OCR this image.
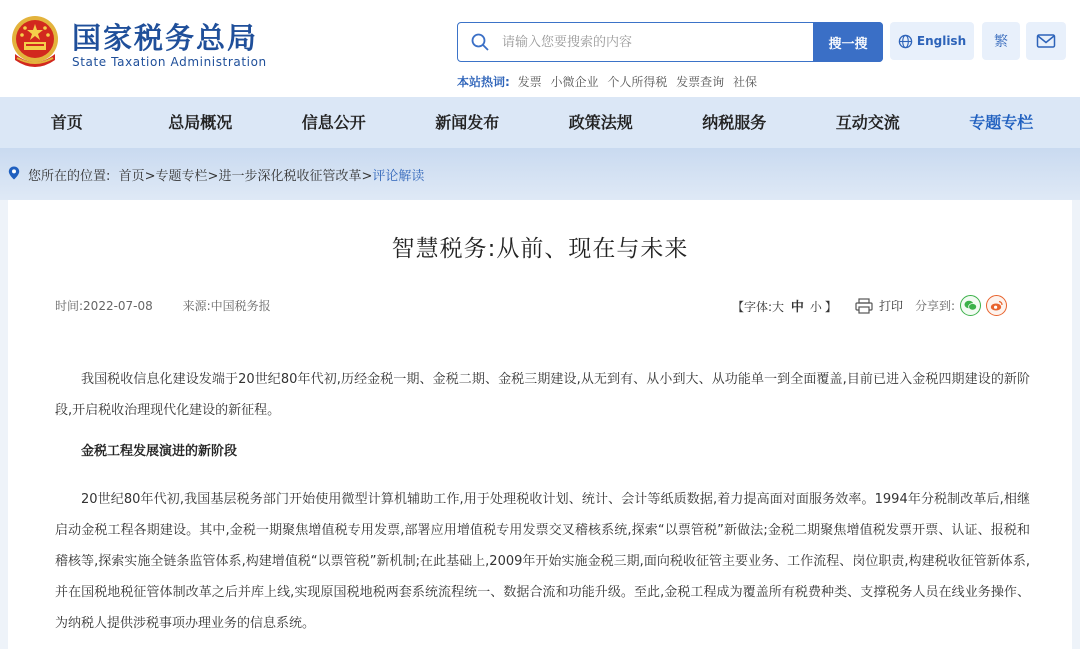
国家税务总局
State Taxation Administration
请输入您要搜索的内容
搜一搜	English	繁
本站热词: 发票 小微企业 个人所得税 发票查询 社保
首页	总局概况	信息公开	新闻发布	政策法规	纳税服务	互动交流	专题专栏
您所在的位置: 首页>专题专栏>进一步深化税收征管改革>评论解读
智慧税务:从前、现在与未来
时间:2022-07-08 来源:中国税务报	【字体:大 中 小 】	打印 分享到:

我国税收信息化建设发端于20世纪80年代初,历经金税一期、金税二期、金税三期建设,从无到有、从小到大、从功能单一到全面覆盖,目前已进入金税四期建设的新阶段,开启税收治理现代化建设的新征程。

金税工程发展演进的新阶段

20世纪80年代初,我国基层税务部门开始使用微型计算机辅助工作,用于处理税收计划、统计、会计等纸质数据,着力提高面对面服务效率。1994年分税制改革后,相继启动金税工程各期建设。其中,金税一期聚焦增值税专用发票,部署应用增值税专用发票交叉稽核系统,探索“以票管税”新做法;金税二期聚焦增值税发票开票、认证、报税和稽核等,探索实施全链条监管体系,构建增值税“以票管税”新机制;在此基础上,2009年开始实施金税三期,面向税收征管主要业务、工作流程、岗位职责,构建税收征管新体系,并在国税地税征管体制改革之后并库上线,实现原国税地税两套系统流程统一、数据合流和功能升级。至此,金税工程成为覆盖所有税费种类、支撑税务人员在线业务操作、为纳税人提供涉税事项办理业务的信息系统。
